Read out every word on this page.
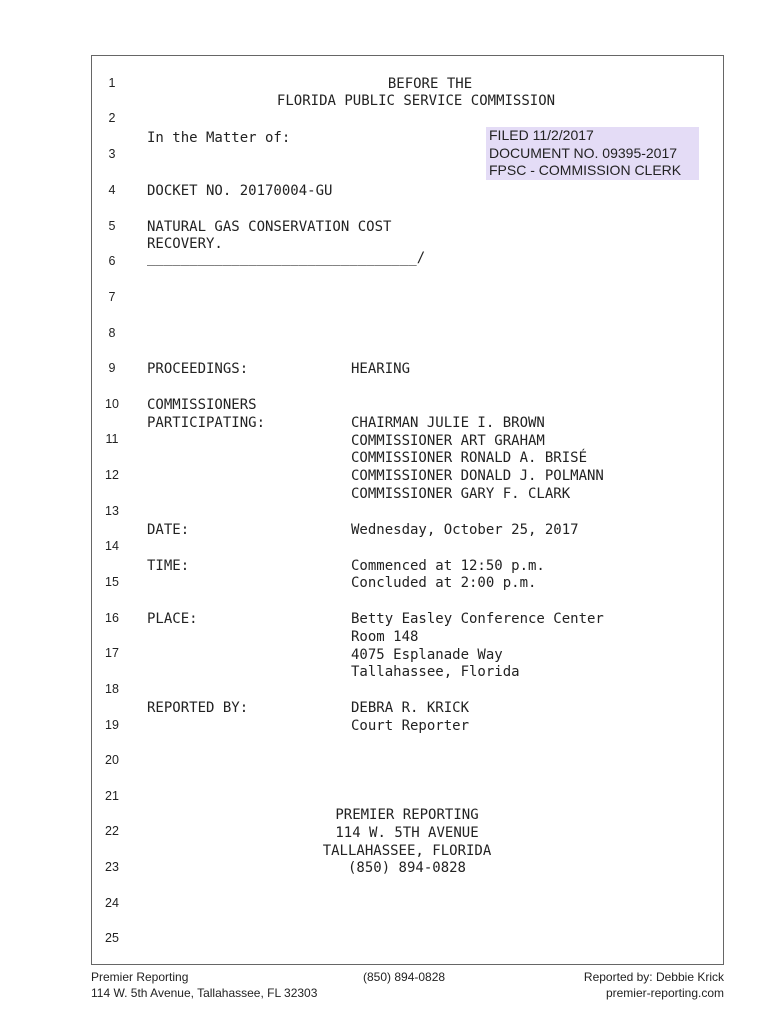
1
2
3
4
5
6
7
8
9
10
11
12
13
14
15
16
17
18
19
20
21
22
23
24
25
BEFORE THE
FLORIDA PUBLIC SERVICE COMMISSION
FILED 11/2/2017
DOCUMENT NO. 09395-2017
FPSC - COMMISSION CLERK
In the Matter of:
DOCKET NO. 20170004-GU
NATURAL GAS CONSERVATION COST
RECOVERY.
________________________________/
PROCEEDINGS:	HEARING
COMMISSIONERS
PARTICIPATING:	CHAIRMAN JULIE I. BROWN
COMMISSIONER ART GRAHAM
COMMISSIONER RONALD A. BRISÉ
COMMISSIONER DONALD J. POLMANN
COMMISSIONER GARY F. CLARK
DATE:	Wednesday, October 25, 2017
TIME:	Commenced at 12:50 p.m.
Concluded at 2:00 p.m.
PLACE:	Betty Easley Conference Center
Room 148
4075 Esplanade Way
Tallahassee, Florida
REPORTED BY:	DEBRA R. KRICK
Court Reporter
PREMIER REPORTING
114 W. 5TH AVENUE
TALLAHASSEE, FLORIDA
(850) 894-0828
Premier Reporting
114 W. 5th Avenue, Tallahassee, FL 32303
(850) 894-0828	Reported by: Debbie Krick
premier-reporting.com
